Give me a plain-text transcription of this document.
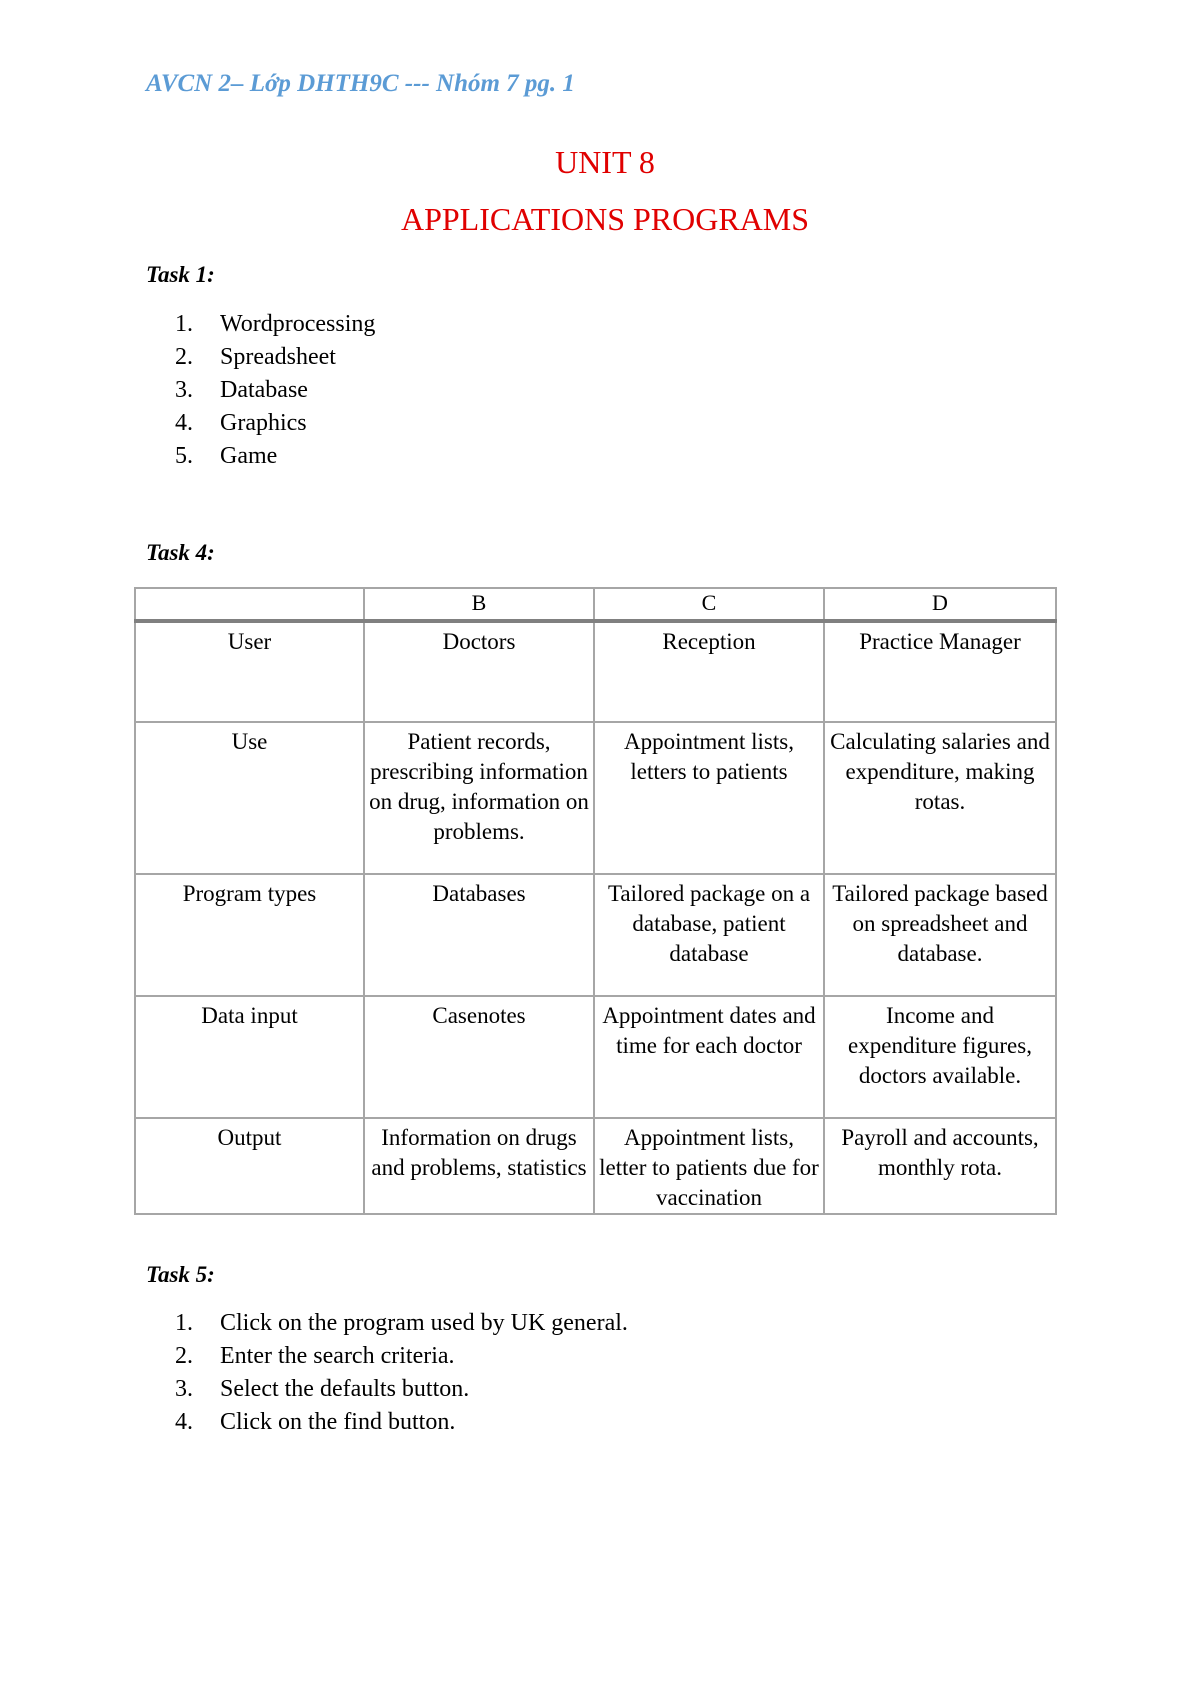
AVCN 2– Lớp DHTH9C --- Nhóm 7 pg. 1
UNIT 8
APPLICATIONS PROGRAMS
Task 1:
1.	Wordprocessing
2.	Spreadsheet
3.	Database
4.	Graphics
5.	Game
Task 4:
	B	C	D

User	Doctors	Reception	Practice Manager

Use	Patient records, prescribing information on drug, information on problems.	Appointment lists, letters to patients	Calculating salaries and expenditure, making rotas.

Program types	Databases	Tailored package on a database, patient database	Tailored package based on spreadsheet and database.

Data input	Casenotes	Appointment dates and time for each doctor	Income and expenditure figures, doctors available.

Output	Information on drugs and problems, statistics	Appointment lists, letter to patients due for vaccination	Payroll and accounts, monthly rota.
Task 5:
1.	Click on the program used by UK general.
2.	Enter the search criteria.
3.	Select the defaults button.
4.	Click on the find button.
